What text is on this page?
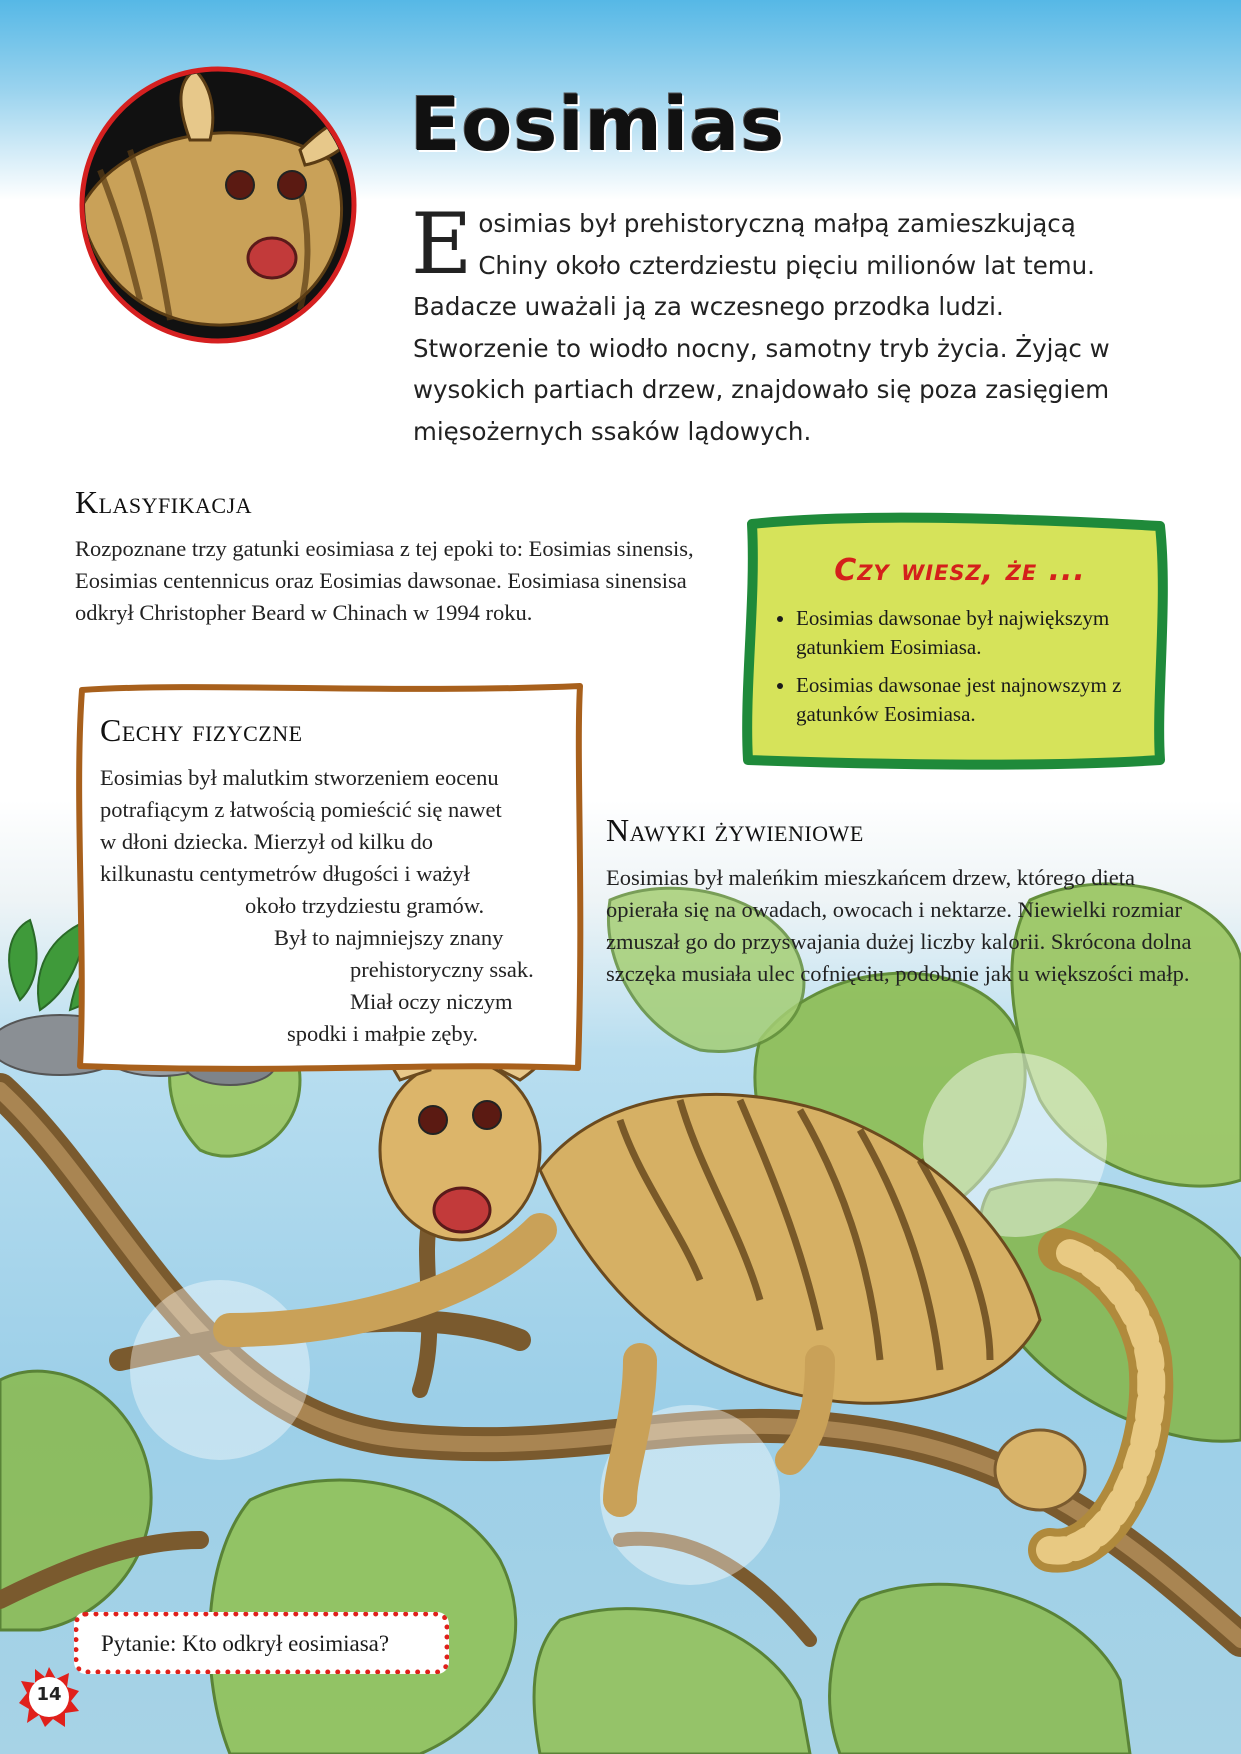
Eosimias
E osimias był prehistoryczną małpą zamieszkującą Chiny około czterdziestu pięciu milionów lat temu. Badacze uważali ją za wczesnego przodka ludzi. Stworzenie to wiodło nocny, samotny tryb życia. Żyjąc w wysokich partiach drzew, znajdowało się poza zasięgiem mięsożernych ssaków lądowych.
Klasyfikacja
Rozpoznane trzy gatunki eosimiasa z tej epoki to: Eosimias sinensis, Eosimias centennicus oraz Eosimias dawsonae. Eosimiasa sinensisa odkrył Christopher Beard w Chinach w 1994 roku.
Cechy fizyczne
Eosimias był malutkim stworzeniem eocenu
potrafiącym z łatwością pomieścić się nawet
w dłoni dziecka. Mierzył od kilku do
kilkunastu centymetrów długości i ważył
około trzydziestu gramów.
Był to najmniejszy znany
prehistoryczny ssak.
Miał oczy niczym
spodki i małpie zęby.
Czy wiesz, że ...
• Eosimias dawsonae był największym gatunkiem Eosimiasa.
• Eosimias dawsonae jest najnowszym z gatunków Eosimiasa.
Nawyki żywieniowe
Eosimias był maleńkim mieszkańcem drzew, którego dieta opierała się na owadach, owocach i nektarze. Niewielki rozmiar zmuszał go do przyswajania dużej liczby kalorii. Skrócona dolna szczęka musiała ulec cofnięciu, podobnie jak u większości małp.
Pytanie: Kto odkrył eosimiasa?
14
